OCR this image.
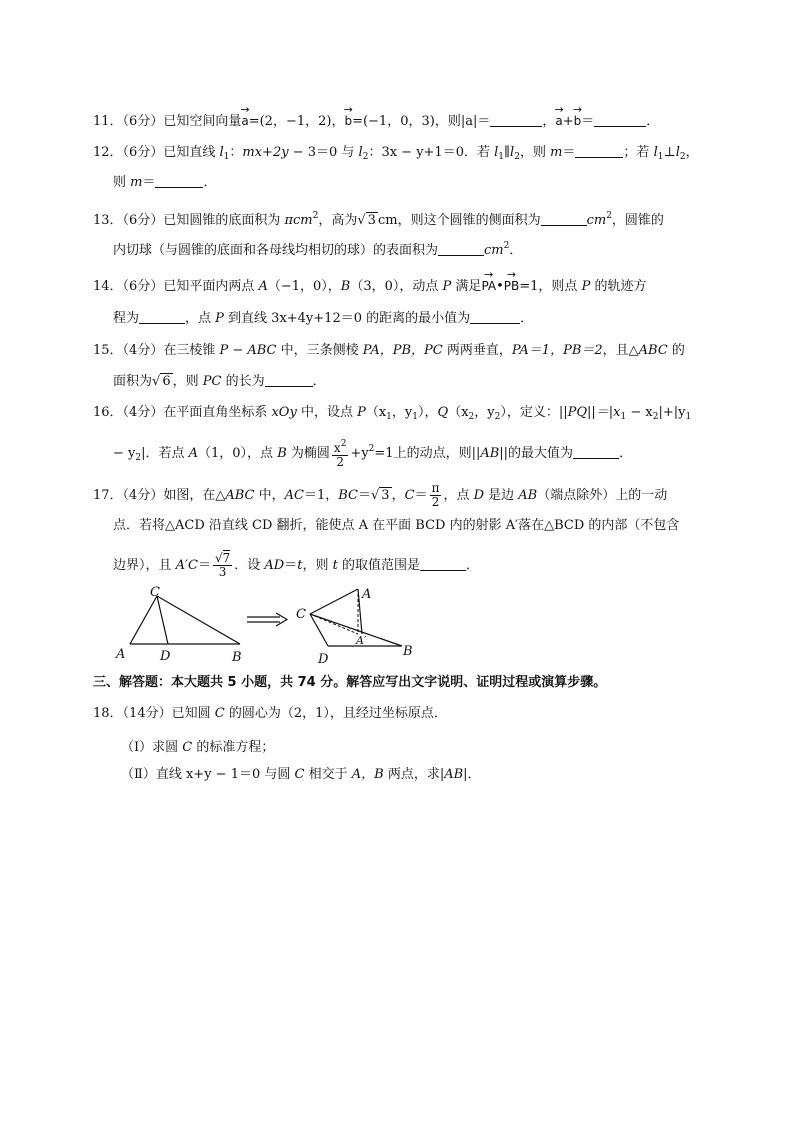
11．（6分）已知空间向量→ a=(2，−1，2)，→ b=(−1，0，3)，则|a|＝	，→ a+→ b＝	．
12．（6分）已知直线 $l_1$：mx+2y − 3＝0 与 $l_2$：3x − y+1＝0．若 $l_1\parallel l_2$，则 m＝	；若 $l_1\perp l_2$，
则 m＝	．
13．（6分）已知圆锥的底面积为 πcm$^2$，高为√ 3 cm，则这个圆锥的侧面积为	$cm^2$，圆锥的
内切球（与圆锥的底面和各母线均相切的球）的表面积为	$cm^2$．
14．（6分）已知平面内两点 A（−1，0），B（3，0），动点 P 满足→ PA•→ PB=1，则点 P 的轨迹方
程为	，点 P 到直线 3x+4y+12＝0 的距离的最小值为	．
15．（4分）在三棱锥 P − ABC 中，三条侧棱 PA，PB，PC 两两垂直，PA＝1，PB＝2，且△ABC 的
面积为√ 6 ，则 PC 的长为	．
16．（4分）在平面直角坐标系 xOy 中，设点 $P(x_1$，$y_1$），$Q(x_2$，$y_2$），定义：$||PQ||=|x_1 - x_2|+|y_1$
− $y_2|$．若点 A（1，0），点 B 为椭圆 $\frac{x^2}{2} +y^2=1$上的动点，则||AB||的最大值为	．
17．（4分）如图，在△ABC 中，AC＝1，BC＝√ 3 ，$C= \frac{\pi}{2}$ ，点 D 是边 AB（端点除外）上的一动
点．若将△ACD 沿直线 CD 翻折，能使点 A 在平面 BCD 内的射影 A′落在△BCD 的内部（不包含
边界），且 $A'C= \frac{√7}{3}$ ．设 AD＝t，则 t 的取值范围是	．
C
A	D	B
C
A
A′
D
B
三、解答题：本大题共 5 小题，共 74 分。解答应写出文字说明、证明过程或演算步骤。
18．（14分）已知圆 C 的圆心为（2，1），且经过坐标原点．
（Ⅰ）求圆 C 的标准方程；
（Ⅱ）直线 x+y − 1＝0 与圆 C 相交于 A，B 两点，求|AB|．
